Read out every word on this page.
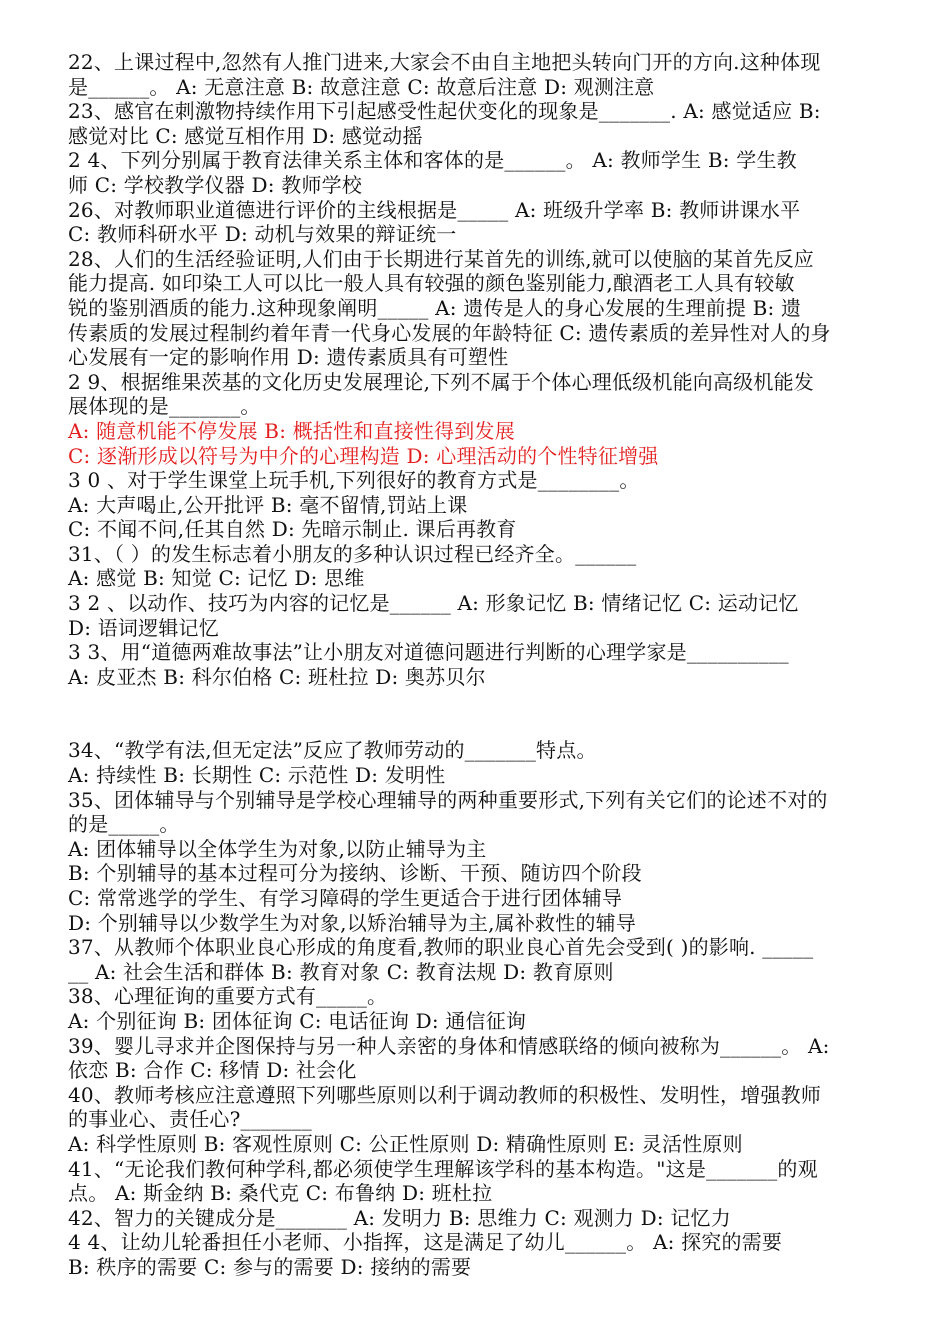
22、上课过程中,忽然有人推门进来,大家会不由自主地把头转向门开的方向.这种体现
是______。 A: 无意注意 B: 故意注意 C: 故意后注意 D: 观测注意
23、感官在刺激物持续作用下引起感受性起伏变化的现象是_______. A: 感觉适应 B:
感觉对比 C: 感觉互相作用 D: 感觉动摇
2 4、下列分别属于教育法律关系主体和客体的是______。 A: 教师学生 B: 学生教
师 C: 学校教学仪器 D: 教师学校
26、对教师职业道德进行评价的主线根据是_____ A: 班级升学率 B: 教师讲课水平
C: 教师科研水平 D: 动机与效果的辩证统一
28、人们的生活经验证明,人们由于长期进行某首先的训练,就可以使脑的某首先反应
能力提高. 如印染工人可以比一般人具有较强的颜色鉴别能力,酿酒老工人具有较敏
锐的鉴别酒质的能力.这种现象阐明_____ A: 遗传是人的身心发展的生理前提 B: 遗
传素质的发展过程制约着年青一代身心发展的年龄特征 C: 遗传素质的差异性对人的身
心发展有一定的影响作用 D: 遗传素质具有可塑性
2 9、根据维果茨基的文化历史发展理论,下列不属于个体心理低级机能向高级机能发
展体现的是_______。
A: 随意机能不停发展 B: 概括性和直接性得到发展
C: 逐渐形成以符号为中介的心理构造 D: 心理活动的个性特征增强
3 0 、对于学生课堂上玩手机,下列很好的教育方式是________。
A: 大声喝止,公开批评 B: 毫不留情,罚站上课
C: 不闻不问,任其自然 D: 先暗示制止. 课后再教育
31、（ ）的发生标志着小朋友的多种认识过程已经齐全。______
A: 感觉 B: 知觉 C: 记忆 D: 思维
3 2 、以动作、技巧为内容的记忆是______ A: 形象记忆 B: 情绪记忆 C: 运动记忆
D: 语词逻辑记忆
3 3、用“道德两难故事法”让小朋友对道德问题进行判断的心理学家是__________
A: 皮亚杰 B: 科尔伯格 C: 班杜拉 D: 奥苏贝尔
34、“教学有法,但无定法”反应了教师劳动的_______特点。
A: 持续性 B: 长期性 C: 示范性 D: 发明性
35、团体辅导与个别辅导是学校心理辅导的两种重要形式,下列有关它们的论述不对的
的是_____。
A: 团体辅导以全体学生为对象,以防止辅导为主
B: 个别辅导的基本过程可分为接纳、诊断、干预、随访四个阶段
C: 常常逃学的学生、有学习障碍的学生更适合于进行团体辅导
D: 个别辅导以少数学生为对象,以矫治辅导为主,属补救性的辅导
37、从教师个体职业良心形成的角度看,教师的职业良心首先会受到( )的影响. _____
__ A: 社会生活和群体 B: 教育对象 C: 教育法规 D: 教育原则
38、心理征询的重要方式有_____。
A: 个别征询 B: 团体征询 C: 电话征询 D: 通信征询
39、婴儿寻求并企图保持与另一种人亲密的身体和情感联络的倾向被称为______。 A:
依恋 B: 合作 C: 移情 D: 社会化
40、教师考核应注意遵照下列哪些原则以利于调动教师的积极性、发明性，增强教师
的事业心、责任心?_______
A: 科学性原则 B: 客观性原则 C: 公正性原则 D: 精确性原则 E: 灵活性原则
41、“无论我们教何种学科,都必须使学生理解该学科的基本构造。"这是_______的观
点。 A: 斯金纳 B: 桑代克 C: 布鲁纳 D: 班杜拉
42、智力的关键成分是_______ A: 发明力 B: 思维力 C: 观测力 D: 记忆力
4 4、让幼儿轮番担任小老师、小指挥，这是满足了幼儿______。 A: 探究的需要
B: 秩序的需要 C: 参与的需要 D: 接纳的需要
